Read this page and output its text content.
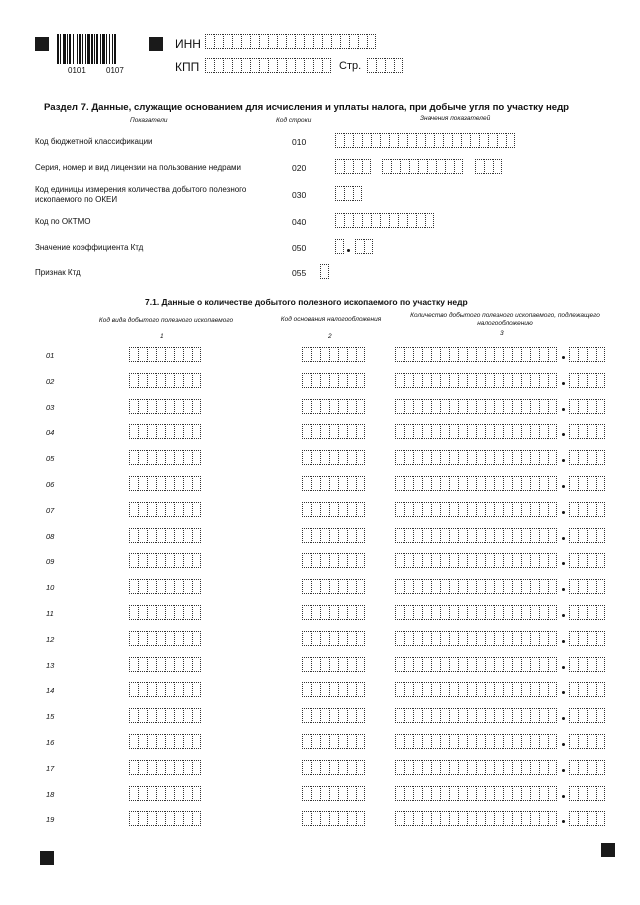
0101	0107
ИНН
КПП	Стр.
Раздел 7. Данные, служащие основанием для исчисления и уплаты налога, при добыче угля по участку недр
Показатели	Код строки	Значения показателей
Код бюджетной классификации	010
Серия, номер и вид лицензии на пользование недрами	020
Код единицы измерения количества добытого полезного ископаемого по ОКЕИ	030
Код по ОКТМО	040
Значение коэффициента Ктд	050
Признак Ктд	055
7.1. Данные о количестве добытого полезного ископаемого по участку недр
Код вида добытого полезного ископаемого	Код основания налогообложения
Количество добытого полезного ископаемого, подлежащего налогообложению
1	2	3
01
02
03
04
05
06
07
08
09
10
11
12
13
14
15
16
17
18
19
